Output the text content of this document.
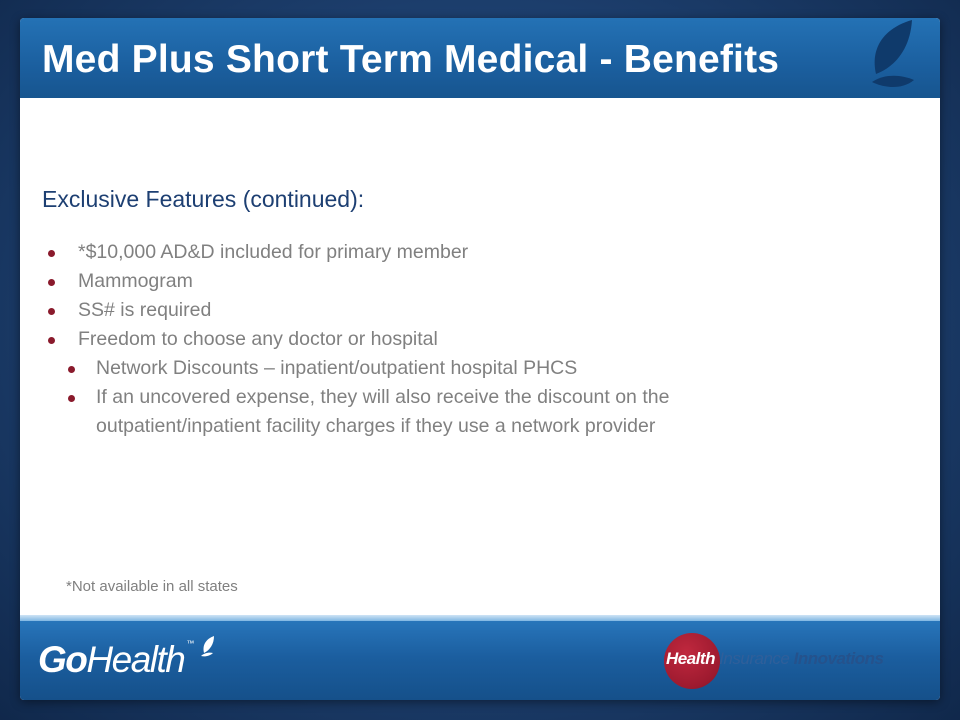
Med Plus Short Term Medical - Benefits
Exclusive Features (continued):
*$10,000 AD&D included for primary member
Mammogram
SS# is required
Freedom to choose any doctor or hospital
Network Discounts – inpatient/outpatient hospital PHCS
If an uncovered expense, they will also receive the discount on the outpatient/inpatient facility charges if they use a network provider

*Not available in all states

GoHealth ™
Health Insurance Innovations
